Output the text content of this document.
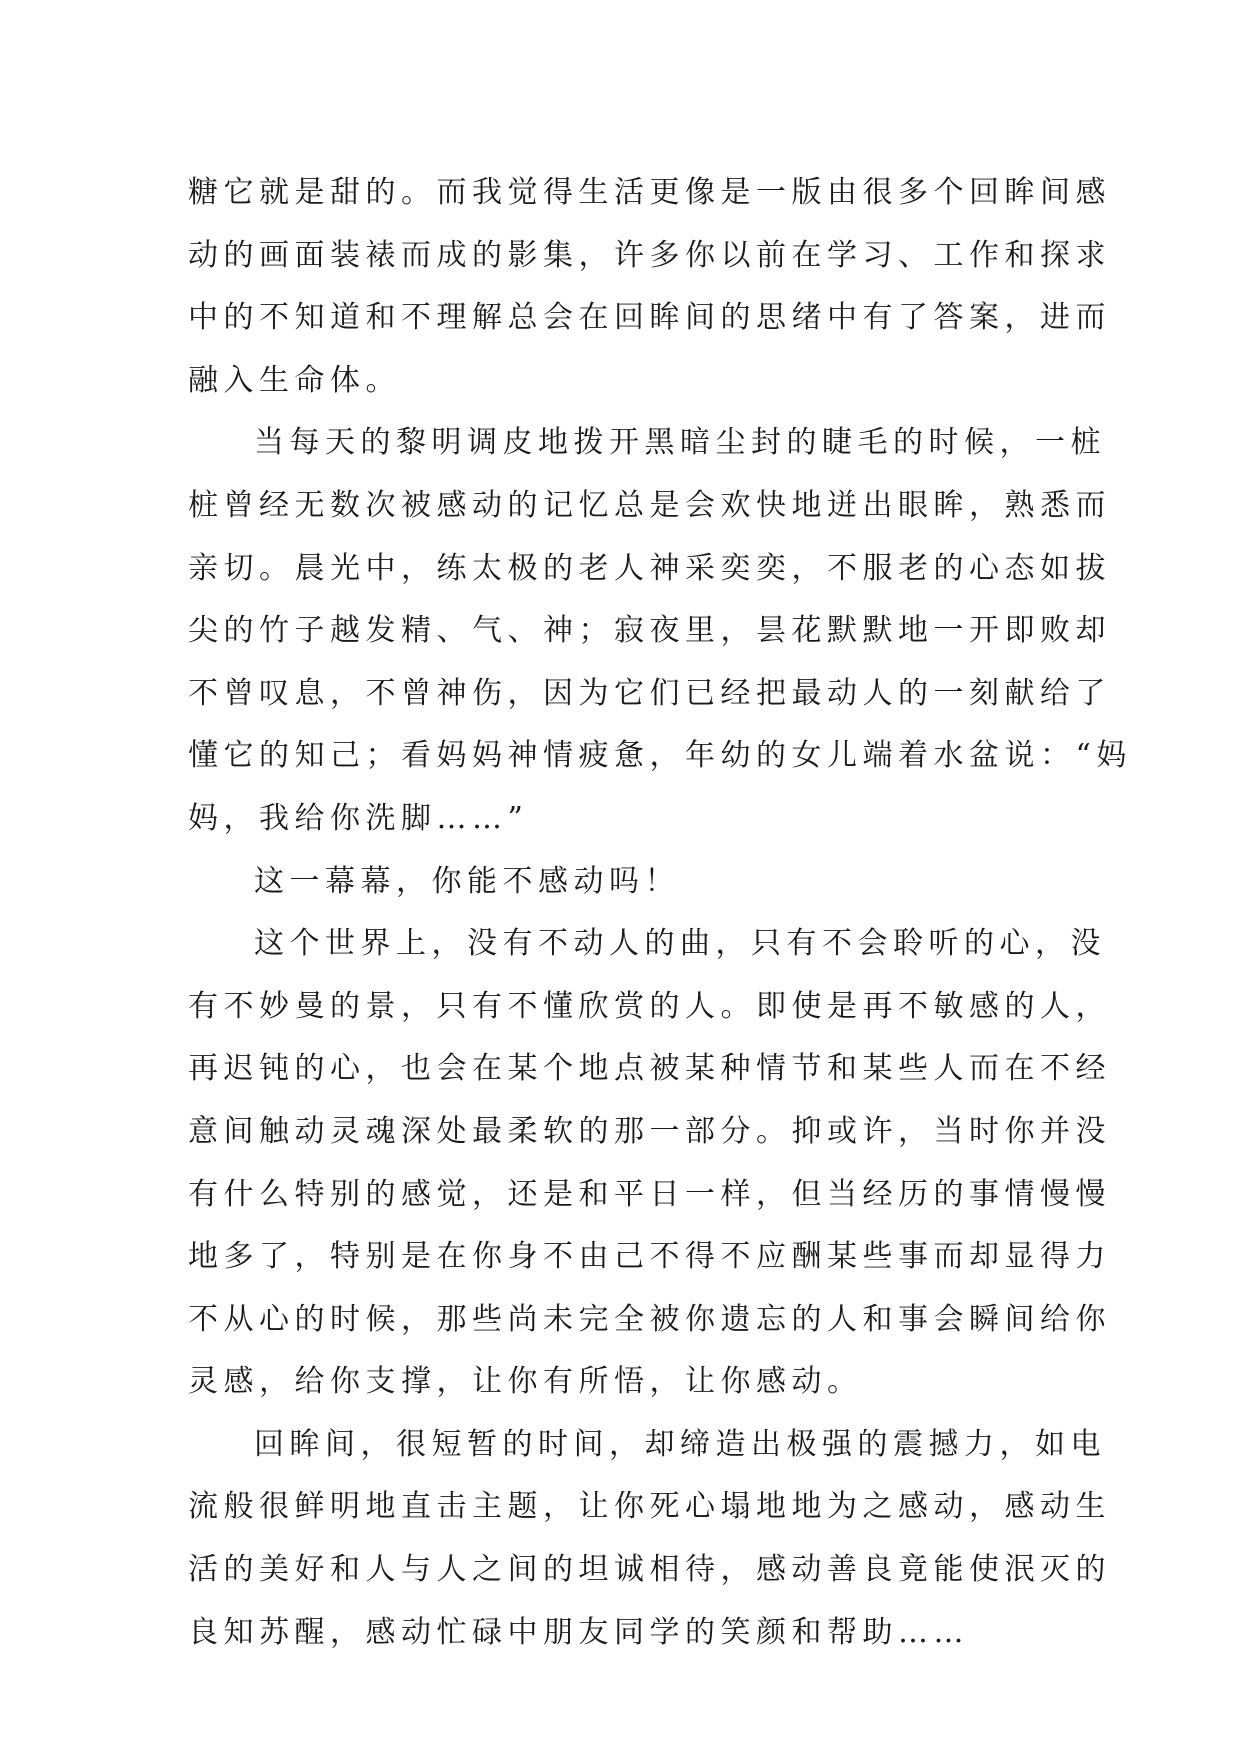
糖它就是甜的。而我觉得生活更像是一版由很多个回眸间感
动的画面装裱而成的影集，许多你以前在学习、工作和探求
中的不知道和不理解总会在回眸间的思绪中有了答案，进而
融入生命体。
当每天的黎明调皮地拨开黑暗尘封的睫毛的时候，一桩
桩曾经无数次被感动的记忆总是会欢快地迸出眼眸，熟悉而
亲切。晨光中，练太极的老人神采奕奕，不服老的心态如拔
尖的竹子越发精、气、神；寂夜里，昙花默默地一开即败却
不曾叹息，不曾神伤，因为它们已经把最动人的一刻献给了
懂它的知己；看妈妈神情疲惫，年幼的女儿端着水盆说：“妈
妈，我给你洗脚……”
这一幕幕，你能不感动吗！
这个世界上，没有不动人的曲，只有不会聆听的心，没
有不妙曼的景，只有不懂欣赏的人。即使是再不敏感的人，
再迟钝的心，也会在某个地点被某种情节和某些人而在不经
意间触动灵魂深处最柔软的那一部分。抑或许，当时你并没
有什么特别的感觉，还是和平日一样，但当经历的事情慢慢
地多了，特别是在你身不由己不得不应酬某些事而却显得力
不从心的时候，那些尚未完全被你遗忘的人和事会瞬间给你
灵感，给你支撑，让你有所悟，让你感动。
回眸间，很短暂的时间，却缔造出极强的震撼力，如电
流般很鲜明地直击主题，让你死心塌地地为之感动，感动生
活的美好和人与人之间的坦诚相待，感动善良竟能使泯灭的
良知苏醒，感动忙碌中朋友同学的笑颜和帮助……
